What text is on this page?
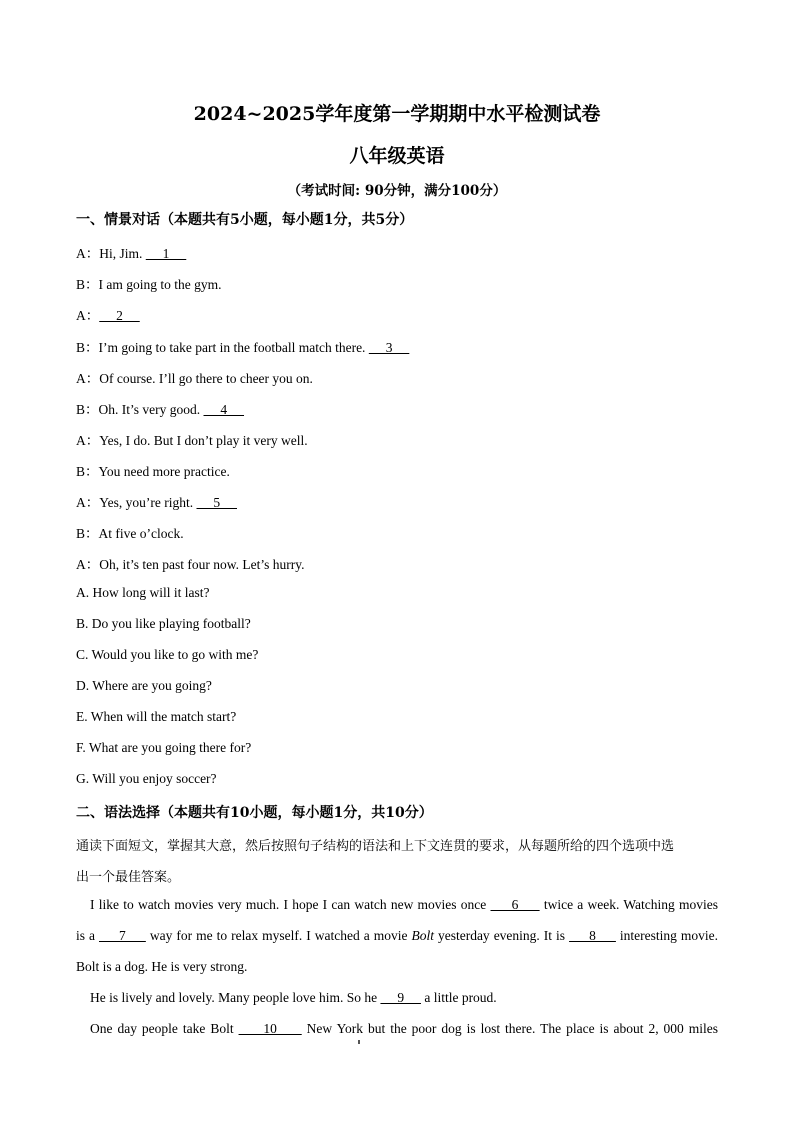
2024~2025学年度第一学期期中水平检测试卷
八年级英语
（考试时间: 90分钟，满分100分）
一、情景对话（本题共有5小题，每小题1分，共5分）
A：Hi, Jim.      1
B：I am going to the gym.
A：     2
B：I’m going to take part in the football match there.      3
A：Of course. I’ll go there to cheer you on.
B：Oh. It’s very good.      4
A：Yes, I do. But I don’t play it very well.
B：You need more practice.
A：Yes, you’re right.      5
B：At five o’clock.
A：Oh, it’s ten past four now. Let’s hurry.
A. How long will it last?
B. Do you like playing football?
C. Would you like to go with me?
D. Where are you going?
E. When will the match start?
F. What are you going there for?
G. Will you enjoy soccer?
二、语法选择（本题共有10小题，每小题1分，共10分）
通读下面短文，掌握其大意，然后按照句子结构的语法和上下文连贯的要求，从每题所给的四个选项中选
出一个最佳答案。
I like to watch movies very much. I hope I can watch new movies once      6      twice a week. Watching movies
is a      7      way for me to relax myself. I watched a movie Bolt yesterday evening. It is      8      interesting movie.
Bolt is a dog. He is very strong.
He is lively and lovely. Many people love him. So he      9      a little proud.
One day people take Bolt      10      New York but the poor dog is lost there. The place is about 2, 000 miles
